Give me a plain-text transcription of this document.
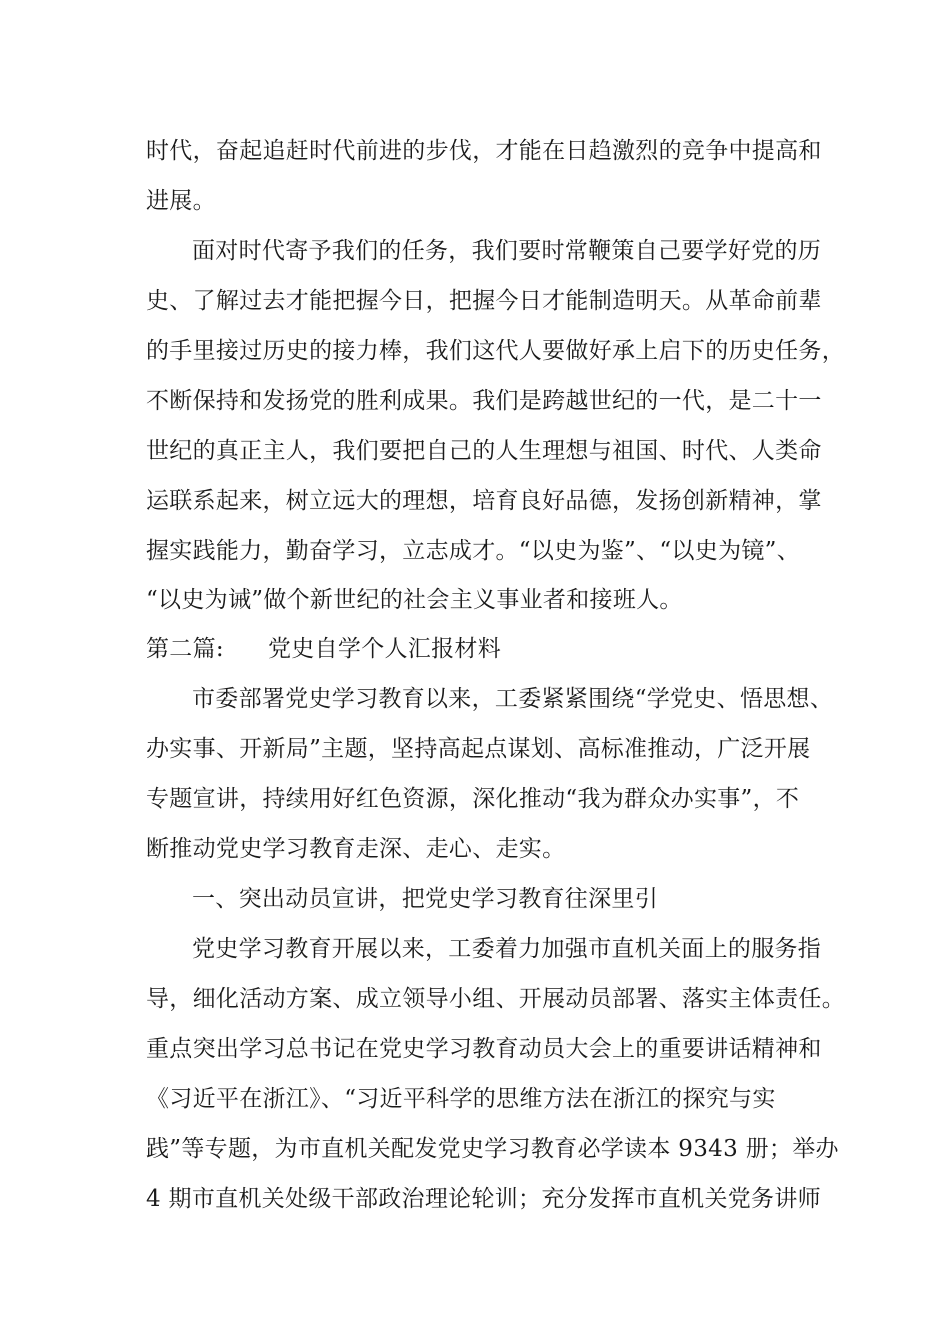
时代，奋起追赶时代前进的步伐，才能在日趋激烈的竞争中提高和
进展。
面对时代寄予我们的任务，我们要时常鞭策自己要学好党的历
史、了解过去才能把握今日，把握今日才能制造明天。从革命前辈
的手里接过历史的接力棒，我们这代人要做好承上启下的历史任务，
不断保持和发扬党的胜利成果。我们是跨越世纪的一代，是二十一
世纪的真正主人，我们要把自己的人生理想与祖国、时代、人类命
运联系起来，树立远大的理想，培育良好品德，发扬创新精神，掌
握实践能力，勤奋学习，立志成才。“以史为鉴”、“以史为镜”、
“以史为诫”做个新世纪的社会主义事业者和接班人。
第二篇: 党史自学个人汇报材料
市委部署党史学习教育以来，工委紧紧围绕“学党史、悟思想、
办实事、开新局”主题，坚持高起点谋划、高标准推动，广泛开展
专题宣讲，持续用好红色资源，深化推动“我为群众办实事”，不
断推动党史学习教育走深、走心、走实。
一、突出动员宣讲，把党史学习教育往深里引
党史学习教育开展以来，工委着力加强市直机关面上的服务指
导，细化活动方案、成立领导小组、开展动员部署、落实主体责任。
重点突出学习总书记在党史学习教育动员大会上的重要讲话精神和
《习近平在浙江》、“习近平科学的思维方法在浙江的探究与实
践”等专题，为市直机关配发党史学习教育必学读本 9343 册；举办
4 期市直机关处级干部政治理论轮训；充分发挥市直机关党务讲师
